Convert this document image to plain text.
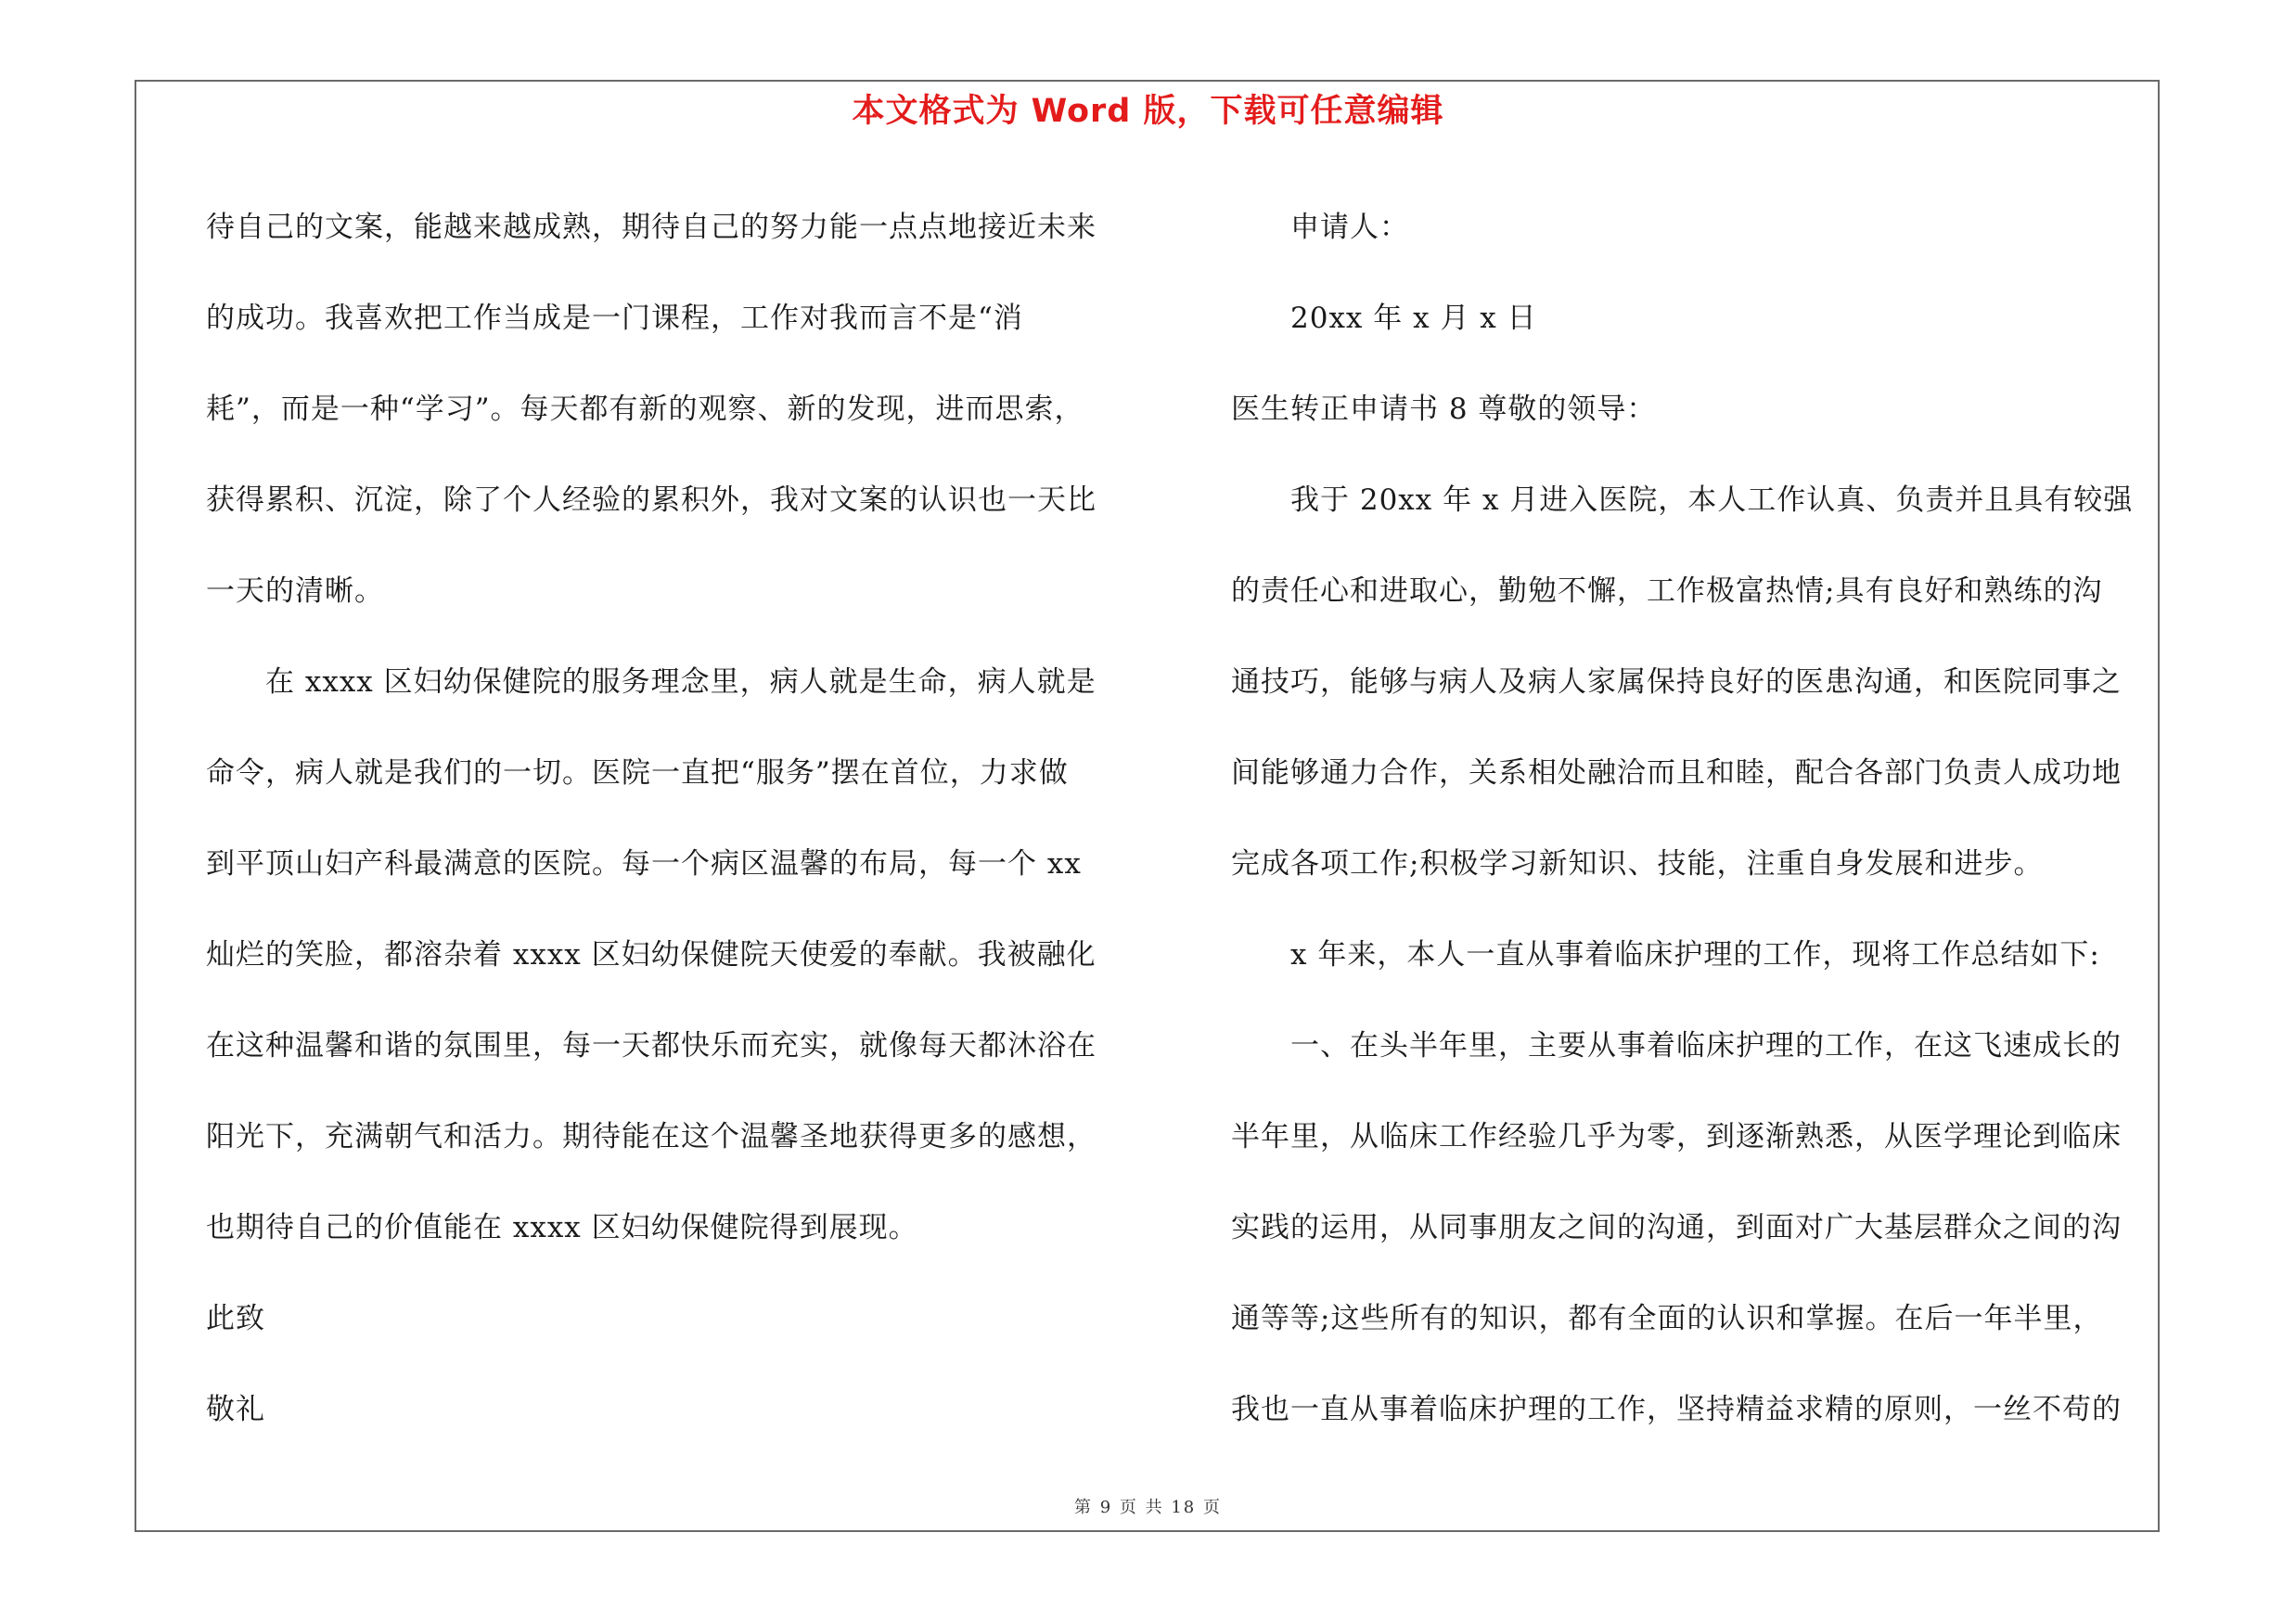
本文格式为 Word 版，下载可任意编辑

待自己的文案，能越来越成熟，期待自己的努力能一点点地接近未来

的成功。我喜欢把工作当成是一门课程，工作对我而言不是“消

耗”，而是一种“学习”。每天都有新的观察、新的发现，进而思索，

获得累积、沉淀，除了个人经验的累积外，我对文案的认识也一天比

一天的清晰。

在 xxxx 区妇幼保健院的服务理念里，病人就是生命，病人就是

命令，病人就是我们的一切。医院一直把“服务”摆在首位，力求做

到平顶山妇产科最满意的医院。每一个病区温馨的布局，每一个 xx

灿烂的笑脸，都溶杂着 xxxx 区妇幼保健院天使爱的奉献。我被融化

在这种温馨和谐的氛围里，每一天都快乐而充实，就像每天都沐浴在

阳光下，充满朝气和活力。期待能在这个温馨圣地获得更多的感想，

也期待自己的价值能在 xxxx 区妇幼保健院得到展现。

此致

敬礼

申请人：

20xx 年 x 月 x 日

医生转正申请书 8 尊敬的领导：

我于 20xx 年 x 月进入医院，本人工作认真、负责并且具有较强

的责任心和进取心，勤勉不懈，工作极富热情;具有良好和熟练的沟

通技巧，能够与病人及病人家属保持良好的医患沟通，和医院同事之

间能够通力合作，关系相处融洽而且和睦，配合各部门负责人成功地

完成各项工作;积极学习新知识、技能，注重自身发展和进步。

x 年来，本人一直从事着临床护理的工作，现将工作总结如下:

一、在头半年里，主要从事着临床护理的工作，在这飞速成长的

半年里，从临床工作经验几乎为零，到逐渐熟悉，从医学理论到临床

实践的运用，从同事朋友之间的沟通，到面对广大基层群众之间的沟

通等等;这些所有的知识，都有全面的认识和掌握。在后一年半里，

我也一直从事着临床护理的工作，坚持精益求精的原则，一丝不苟的

第 9 页 共 18 页
